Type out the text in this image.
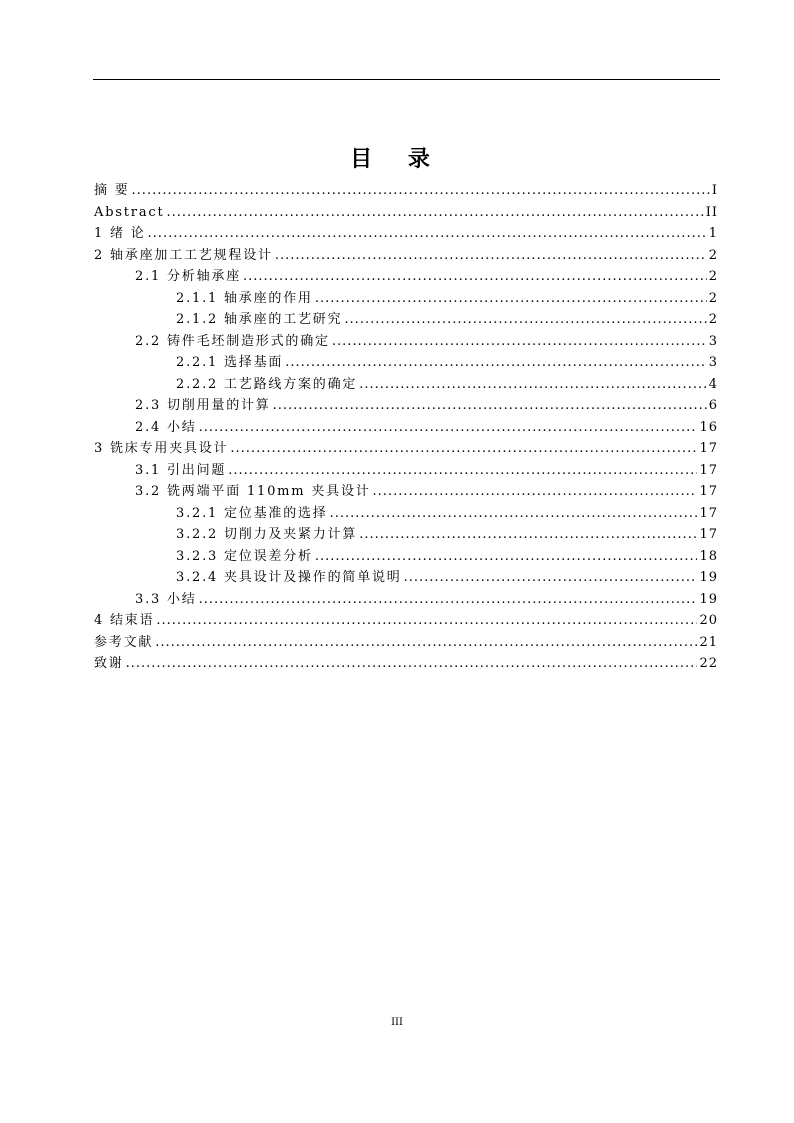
目 录
摘 要 .....	I
Abstract .....	II
1 绪 论 .....	1
2 轴承座加工工艺规程设计 .....	2
2.1 分析轴承座 .....	2
2.1.1 轴承座的作用 .....	2
2.1.2 轴承座的工艺研究 .....	2
2.2 铸件毛坯制造形式的确定 .....	3
2.2.1 选择基面 .....	3
2.2.2 工艺路线方案的确定 .....	4
2.3 切削用量的计算 .....	6
2.4 小结 .....	16
3 铣床专用夹具设计 .....	17
3.1 引出问题 .....	17
3.2 铣两端平面 110mm 夹具设计 .....	17
3.2.1 定位基准的选择 .....	17
3.2.2 切削力及夹紧力计算 .....	17
3.2.3 定位误差分析 .....	18
3.2.4 夹具设计及操作的简单说明 .....	19
3.3 小结 .....	19
4 结束语 .....	20
参考文献 .....	21
致谢 .....	22
III
